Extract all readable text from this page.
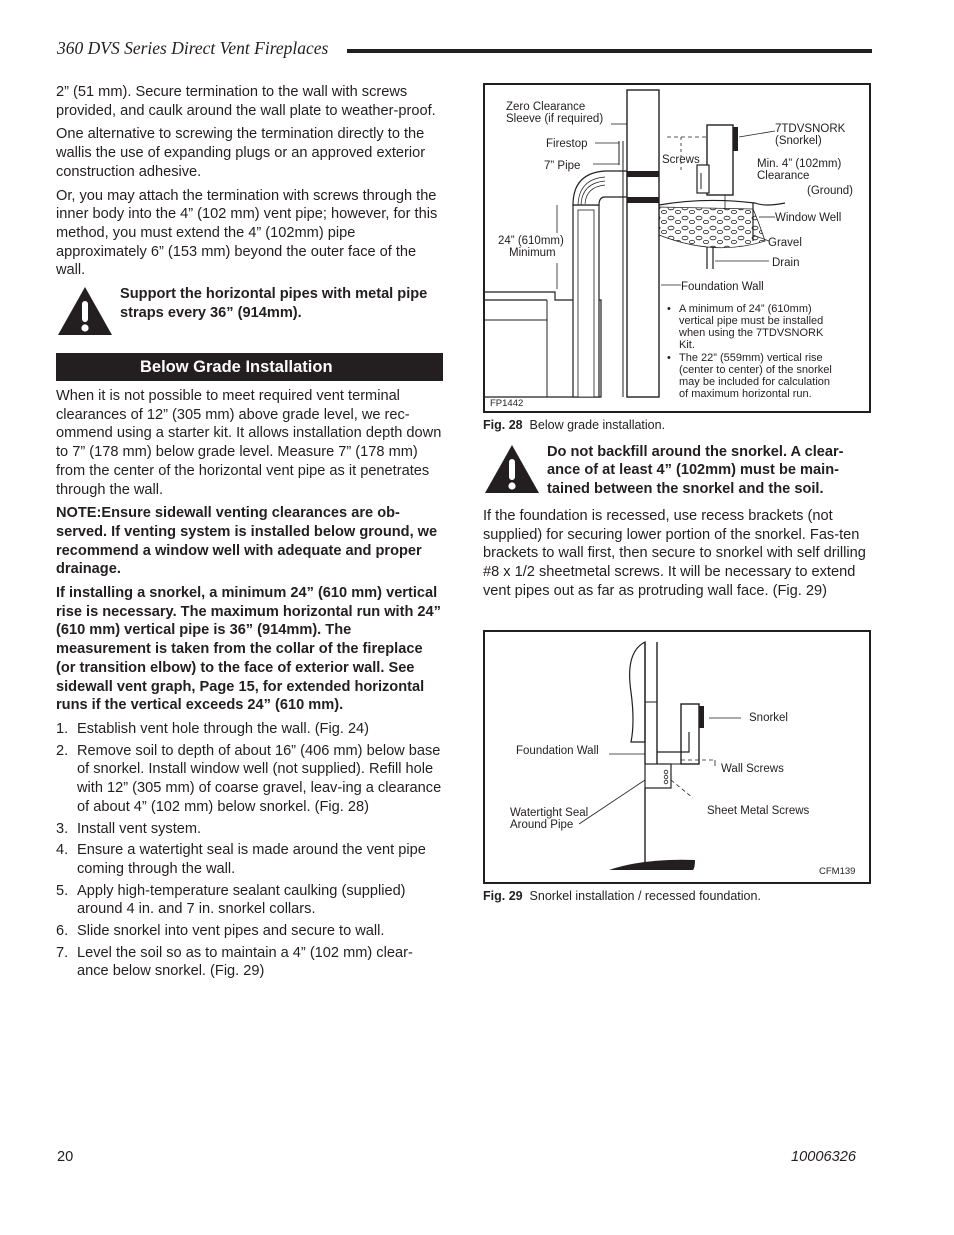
360 DVS Series Direct Vent Fireplaces

2” (51 mm). Secure termination to the wall with screws provided, and caulk around the wall plate to weather-proof.

One alternative to screwing the termination directly to the wallis the use of expanding plugs or an approved exterior construction adhesive.

Or, you may attach the termination with screws through the inner body into the 4” (102 mm) vent pipe; however, for this method, you must extend the 4” (102mm) pipe approximately 6” (153 mm) beyond the outer face of the wall.

Support the horizontal pipes with metal pipe straps every 36” (914mm).
Below Grade Installation

When it is not possible to meet required vent terminal clearances of 12” (305 mm) above grade level, we rec-ommend using a starter kit. It allows installation depth down to 7” (178 mm) below grade level. Measure 7” (178 mm) from the center of the horizontal vent pipe as it penetrates through the wall.

NOTE:Ensure sidewall venting clearances are ob-served. If venting system is installed below ground, we recommend a window well with adequate and proper drainage.

If installing a snorkel, a minimum 24” (610 mm) vertical rise is necessary. The maximum horizontal run with 24” (610 mm) vertical pipe is 36” (914mm). The measurement is taken from the collar of the fireplace (or transition elbow) to the face of exterior wall. See sidewall vent graph, Page 15, for extended horizontal runs if the vertical exceeds 24” (610 mm).

1. Establish vent hole through the wall. (Fig. 24)
2. Remove soil to depth of about 16” (406 mm) below base of snorkel. Install window well (not supplied). Refill hole with 12” (305 mm) of coarse gravel, leav-ing a clearance of about 4” (102 mm) below snorkel. (Fig. 28)
3. Install vent system.
4. Ensure a watertight seal is made around the vent pipe coming through the wall.
5. Apply high-temperature sealant caulking (supplied) around 4 in. and 7 in. snorkel collars.
6. Slide snorkel into vent pipes and secure to wall.
7. Level the soil so as to maintain a 4” (102 mm) clear-ance below snorkel. (Fig. 29)
Zero Clearance
Sleeve (if required)
Firestop
7” Pipe	Screws
7TDVSNORK
(Snorkel)
Min. 4” (102mm)
Clearance
(Ground)
Window Well
Gravel
Drain
24” (610mm)
Minimum
Foundation Wall
• A minimum of 24” (610mm)
vertical pipe must be installed
when using the 7TDVSNORK
Kit.
• The 22” (559mm) vertical rise
(center to center) of the snorkel
may be included for calculation
of maximum horizontal run.
FP1442
Fig. 28 Below grade installation.
Do not backfill around the snorkel. A clear-ance of at least 4” (102mm) must be main-tained between the snorkel and the soil.

If the foundation is recessed, use recess brackets (not supplied) for securing lower portion of the snorkel. Fas-ten brackets to wall first, then secure to snorkel with self drilling #8 x 1/2 sheetmetal screws. It will be necessary to extend vent pipes out as far as protruding wall face. (Fig. 29)

Snorkel
Foundation Wall
Wall Screws
Sheet Metal Screws
Watertight Seal
Around Pipe
CFM139
Fig. 29 Snorkel installation / recessed foundation.
20	10006326
